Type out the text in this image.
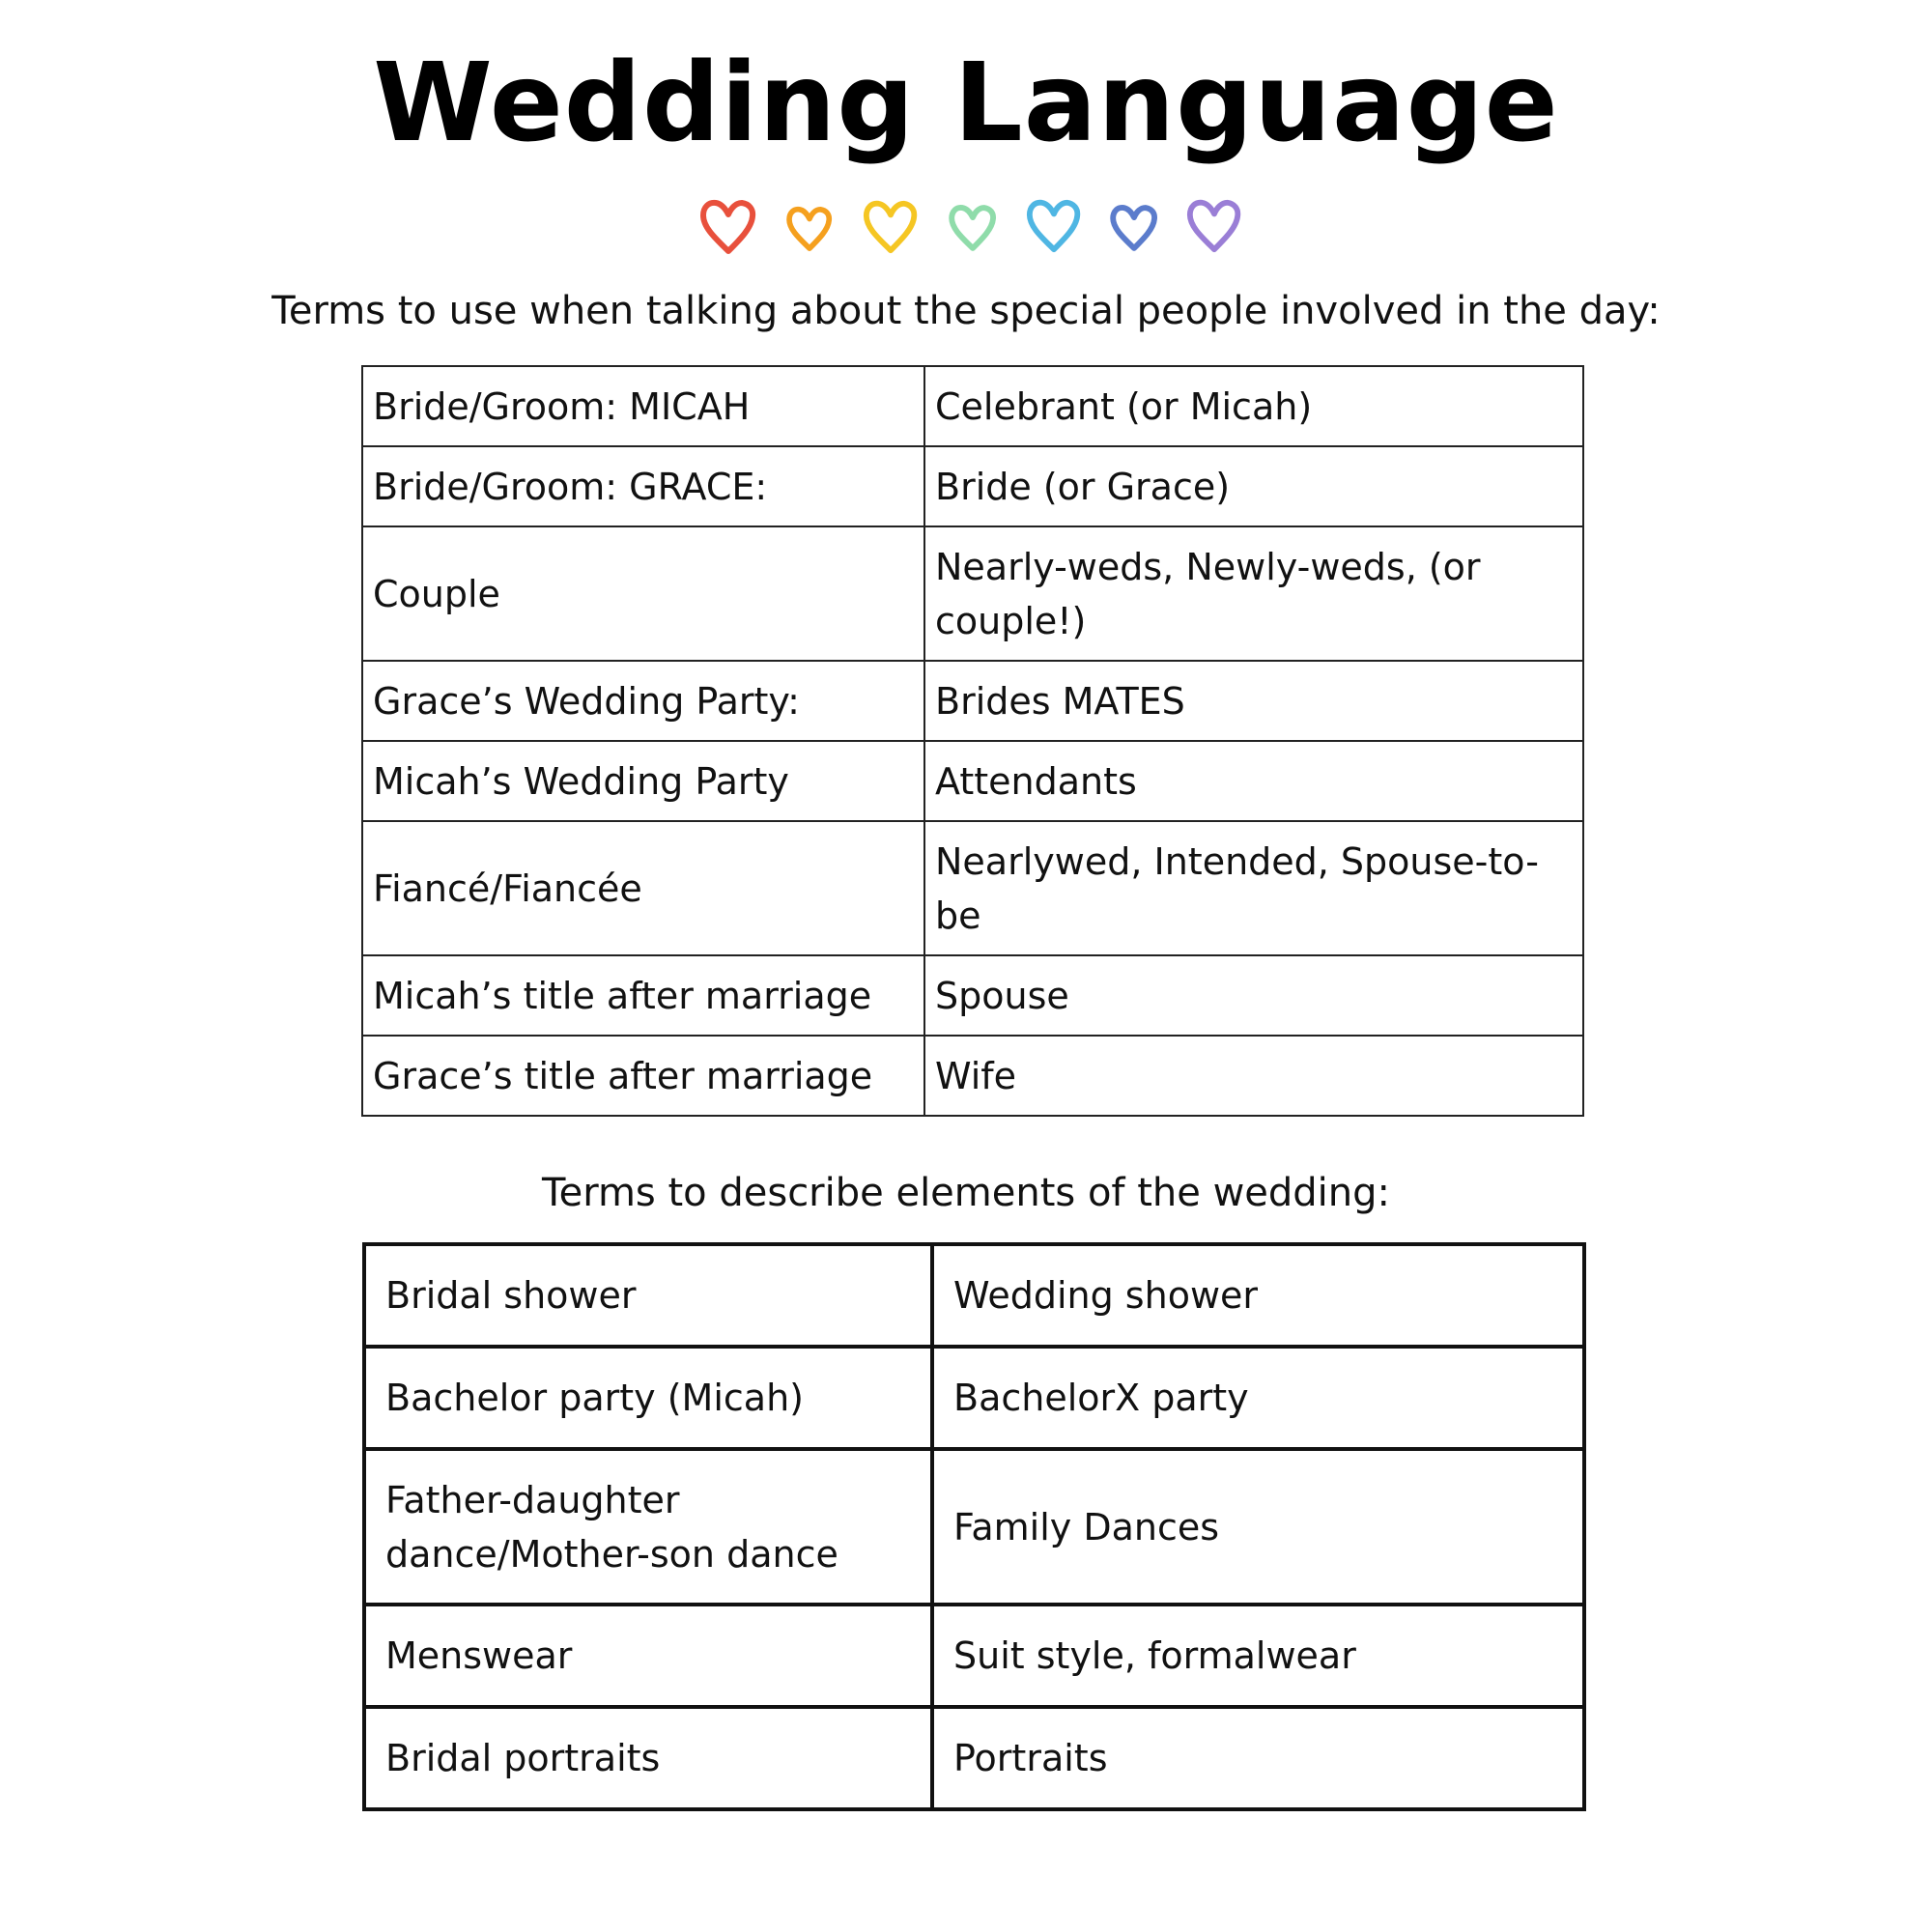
Wedding Language
Terms to use when talking about the special people involved in the day:
Bride/Groom: MICAH	Celebrant (or Micah)
Bride/Groom: GRACE:	Bride (or Grace)
Couple	Nearly-weds, Newly-weds, (or couple!)
Grace’s Wedding Party:	Brides MATES
Micah’s Wedding Party	Attendants
Fiancé/Fiancée	Nearlywed, Intended, Spouse-to-be
Micah’s title after marriage	Spouse
Grace’s title after marriage	Wife
Terms to describe elements of the wedding:
Bridal shower	Wedding shower
Bachelor party (Micah)	BachelorX party
Father-daughter dance/Mother-son dance	Family Dances
Menswear	Suit style, formalwear
Bridal portraits	Portraits
